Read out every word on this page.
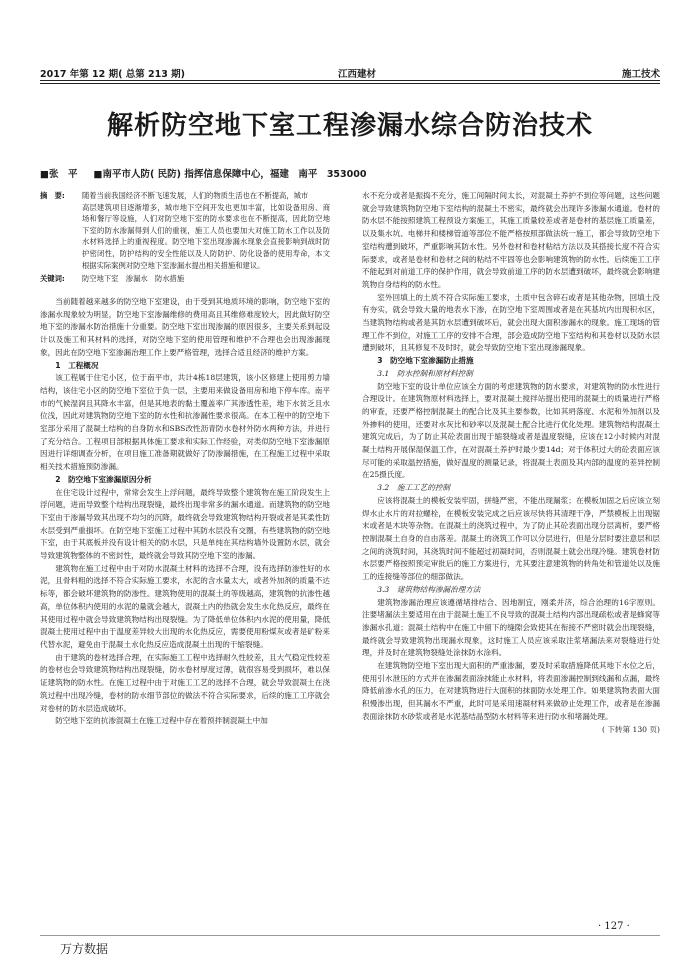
2017 年第 12 期( 总第 213 期)	江西建材	施工技术
解析防空地下室工程渗漏水综合防治技术
■张　平 ■南平市人防( 民防) 指挥信息保障中心，福建　南平　353000
摘　要: 随着当前我国经济不断飞速发展，人们的物质生活也在不断提高，城市
高层建筑项目逐渐增多，城市地下空间开发也更加丰富，比如设备用房、商场和餐厅等设施，人们对防空地下室的防水要求也在不断提高，因此防空地下室的防水渗漏得到人们的重视，施工人员也要加大对施工防水工作以及防水材料选择上的重视程度。防空地下室出现渗漏水现象会直接影响到战时防护密闭性，防护结构的安全性能以及人防防护、防化设备的使用寿命，本文根据实际案例对防空地下室渗漏水提出相关措施和建议。
关键词: 防空地下室　渗漏水　防水措施

当前随着越来越多的防空地下室建设，由于受到其地质环境的影响，防空地下室的渗漏水现象较为明显，防空地下室渗漏维修的费用高且其维修难度较大，因此做好防空地下室的渗漏水防治措施十分重要。防空地下室出现渗漏的原因很多，主要关系到起设计以及施工和其材料的选择，对防空地下室的使用管理和维护不合理也会出现渗漏现象，因此在防空地下室渗漏治理工作上要严格管理，选择合适且经济的维护方案。

1　工程概况

该工程属于住宅小区，位于南平市，共计4栋18层建筑，该小区修建上使用剪力墙结构，该住宅小区的防空地下室位于负一层，主要用来做设备用房和地下停车库。南平市的气候湿润且其降水丰富，但是其地表的黏土覆盖率广其渗透性差，地下水贫乏且水位浅，因此对建筑物防空地下室的防水性和抗渗漏性要求很高。在本工程中的防空地下室部分采用了混凝土结构的自身防水和SBS改性沥青防水卷材外防水两种方法，并进行了充分结合。工程项目部根据具体施工要求和实际工作经验，对类似防空地下室渗漏原因进行详细调查分析，在项目施工准备期就做好了防渗漏措施，在工程施工过程中采取相关技术措施预防渗漏。

2　防空地下室渗漏原因分析

在住宅设计过程中，常常会发生上浮问题，最终导致整个建筑物在施工阶段发生上浮问题，进而导致整个结构出现裂缝，最终出现非常多的漏水通道。而建筑物的防空地下室由于渗漏导致其出现不均匀的沉降，最终就会导致建筑物结构开裂或者是其柔性防水层受到严重損坏。在防空地下室施工过程中其防水层没有交圈，有些建筑物的防空地下室，由于其底板并没有设计相关的防水层，只是单纯在其结构墙外设置防水层，就会导致建筑物整体的不密封性，最终就会导致其防空地下室的渗漏。

建筑物在施工过程中由于对防水混凝土材料的选择不合理，没有选择防渗性好的水泥，且骨料粗的选择不符合实际施工要求，水泥的含水量太大，或者外加剂的质量不达标等，都会破坏建筑物的防渗性。建筑物使用的混凝土的等级越高，建筑物的抗渗性越高，单位体积内使用的水泥的量就会越大，混凝土内的热就会发生水化热反应，最终在其使用过程中就会导致建筑物结构出现裂缝。为了降低单位体积内水泥的使用量，降低混凝土使用过程中由于温度差异较大出现的水化热反应，需要使用粉煤灰或者是矿粉来代替水泥，避免由于混凝土水化热反应造成混凝土出现的干缩裂缝。

由于建筑的卷材选择合理，在实际施工工程中选择耐久性较差，且大气稳定性较差的卷材也会导致建筑物结构出现裂缝，防水卷材厚度过薄，就很容易受到损坏，难以保证建筑物的防水性。在施工过程中由于对施工工艺的选择不合理，就会导致混凝土在浇筑过程中出现冷缝，卷材的防水细节部位的做法不符合实际要求，后续的施工工序就会对卷材的防水层造成破坏。

防空地下室的抗渗混凝土在施工过程中存在着预拌制混凝土中加

水不充分或者是振捣不充分，施工间隔时间太长，对混凝土养护不到位等问题，这些问题就会导致建筑物防空地下室结构的混凝土不密实，最终就会出现许多渗漏水通道。卷材的防水层不能按照建筑工程预设方案施工，其施工质量较差或者是卷材的基层施工质量差，以及集水坑、电梯井和楼梯管道等部位不能严格按照部做法统一施工，都会导致防空地下室结构遭到破坏，严重影响其防水性。另外卷材和卷材粘结方法以及其搭接长度不符合实际要求，或者是卷材和卷材之间的粘结不牢固等也会影响建筑物的防水性。后续施工工序不能起到对前道工序的保护作用，就会导致前道工序的防水层遭到破坏，最终就会影响建筑物自身结构的防水性。

室外回填上的土质不符合实际施工要求，土质中包含碎石或者是其他杂物，回填土没有夯实，就会导致大量的地表水下渗，在防空地下室周围或者是在其基坑内出现积水区，当建筑物结构或者是其防水层遭到破坏后，就会出现大面积渗漏水的现象。施工现场的管理工作不到位，对施工工序的安排不合理，部会造成防空地下室结构和其卷材以及防水层遭到破坏，且其修复不及时时，就会导致防空地下室出现渗漏现象。

3　防空地下室渗漏防止措施

3.1　防水控制和原材料控制

防空地下室的设计单位应该全方面的考虑建筑物的防水要求，对建筑物的防水性进行合理设计。在建筑物原材料选择上，要对混凝土搅拌站提出使用的混凝土的质量进行严格的审查，还要严格控制混凝土的配合比及其主要参数，比如其坍落度、水泥和外加剂以及外掺料的使用，还要对水灰比和砂率以及混凝土配合比进行优化处理。建筑物结构混凝土建筑完成后，为了防止其砼表面出现于缩裂缝或者是温度裂缝，应该在12小时候内对混凝土结构开展保湿保温工作，在对混凝土养护时最少要14d；对于体积过大的砼表面应该尽可能的采取温控措施，做好温度的测量记录，将混凝土表面及其内部的温度的差异控制在25摄氏度。

3.2　施工工艺的控制

应该将混凝土的模板安装牢固，拼缝严密，不能出现漏浆；在模板加固之后应该立刻焊水止水片的对拉螺栓，在模板安装完成之后应该尽快将其清理干净，严禁模板上出现锯末或者是木块等杂物。在混凝土的浇筑过程中，为了防止其砼表面出现分层离析，要严格控制混凝土自身的自由落差。混凝土的浇筑工作可以分层进行，但是分层时要注意层和层之间的浇筑时间，其浇筑时间不能超过初凝时间，否则混凝土就会出现冷缝。建筑卷材防水层要严格按照预定审批后的施工方案进行，尤其要注意建筑物的转角处和管道处以及施工的连接缝等部位的细部做法。

3.3　建筑物结构渗漏治理方法

建筑物渗漏治理应该遵循堵排结合、因地制宜，刚柔并济，综合治理的16字原则。注要堵漏法主要适用在由于混凝土施工不良导致的混凝土结构内部出现疏松或者是蜂窝等渗漏水孔道；混凝土结构中在施工中留下的缝隙会致使其在衔接不严密时就会出现裂缝，最终就会导致建筑物出现漏水现象，这时施工人员应该采取注浆堵漏法来对裂缝进行处理，并及时在建筑物裂缝处涂抹防水涂料。

在建筑物防空地下室出现大面积的严重渗漏，要及时采取措施降低其地下水位之后，使用引水泄压的方式并在渗漏表面涂抹能止水材料，将表面渗漏控制到线漏和点漏，最终降低前渗水孔的压力，在对建筑物进行大面积的抹面防水处理工作。如果建筑物表面大面积慢渗出现，但其漏水不严重，此时可是采用速凝材料来做砂止处理工作，或者是在渗漏表面涂抹防水砂浆或者是水泥基结晶型防水材料等来进行防水和堵漏处理。

( 下转第 130 页)

· 127 ·
万方数据
